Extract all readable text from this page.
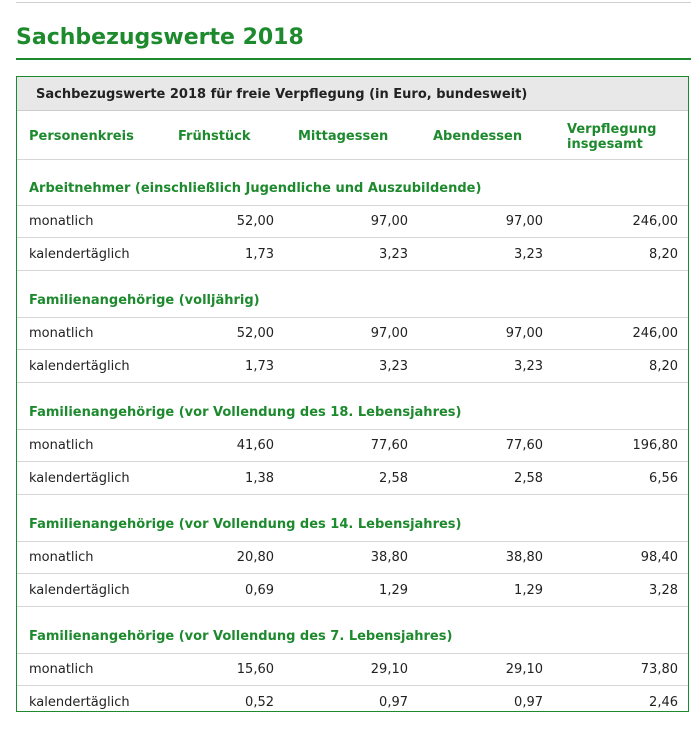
Sachbezugswerte 2018
Sachbezugswerte 2018 für freie Verpflegung (in Euro, bundesweit)
Personenkreis	Frühstück	Mittagessen	Abendessen	Verpflegung
insgesamt
Arbeitnehmer (einschließlich Jugendliche und Auszubildende)
monatlich	52,00	97,00	97,00	246,00
kalendertäglich	1,73	3,23	3,23	8,20
Familienangehörige (volljährig)
monatlich	52,00	97,00	97,00	246,00
kalendertäglich	1,73	3,23	3,23	8,20
Familienangehörige (vor Vollendung des 18. Lebensjahres)
monatlich	41,60	77,60	77,60	196,80
kalendertäglich	1,38	2,58	2,58	6,56
Familienangehörige (vor Vollendung des 14. Lebensjahres)
monatlich	20,80	38,80	38,80	98,40
kalendertäglich	0,69	1,29	1,29	3,28
Familienangehörige (vor Vollendung des 7. Lebensjahres)
monatlich	15,60	29,10	29,10	73,80
kalendertäglich	0,52	0,97	0,97	2,46
